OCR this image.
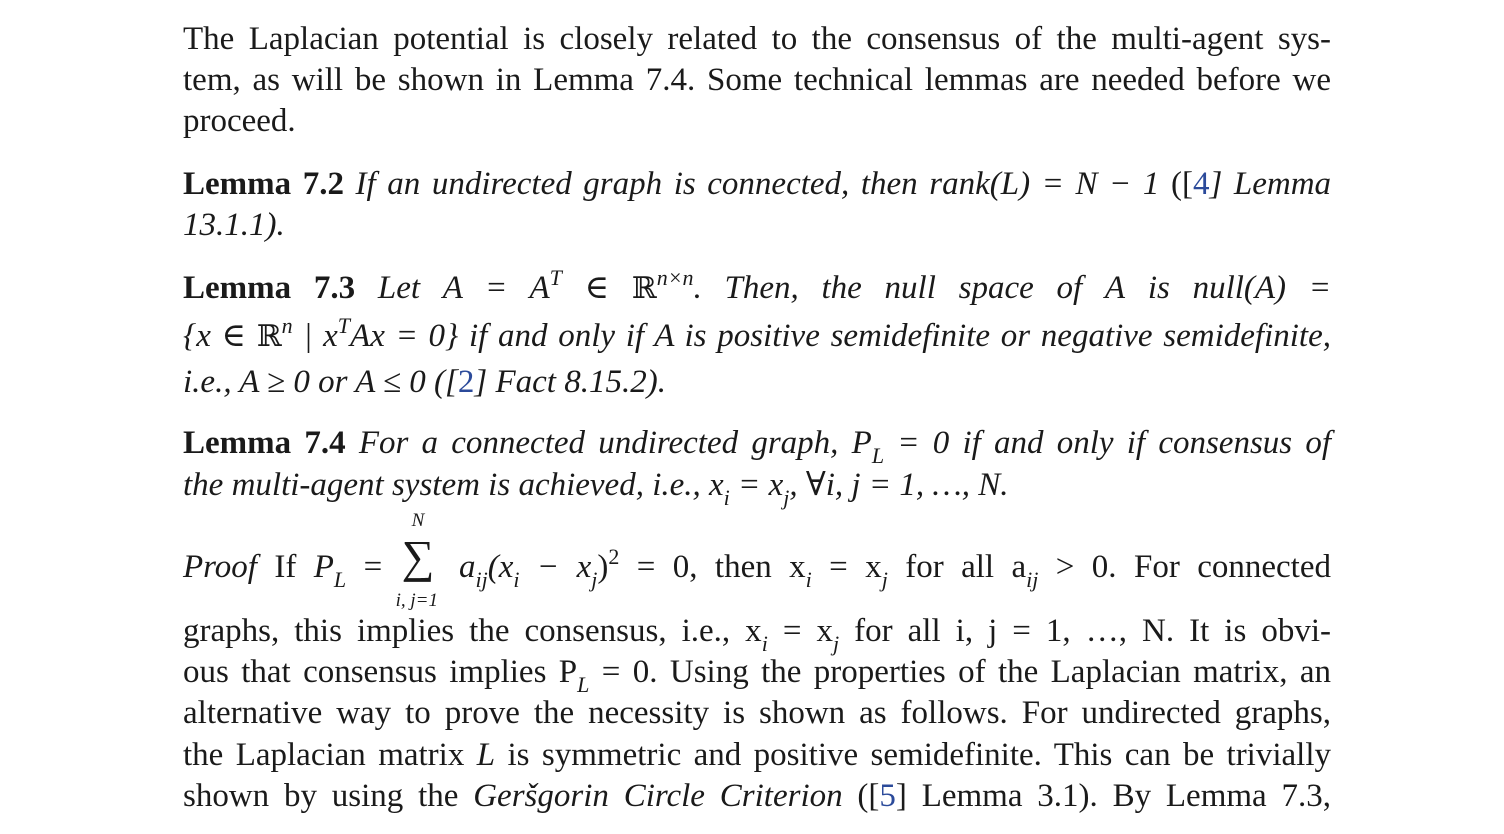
The Laplacian potential is closely related to the consensus of the multi-agent sys-
tem, as will be shown in Lemma 7.4. Some technical lemmas are needed before we
proceed.
Lemma 7.2 If an undirected graph is connected, then rank(L) = N − 1 ([4] Lemma
13.1.1).
Lemma 7.3 Let $A = A^T$ ∈ ℝ$^{n\times n}$. Then, the null space of A is null(A) =
{x ∈ ℝ$^n$ | $x^TAx = 0$} if and only if A is positive semidefinite or negative semidefinite,
i.e., A ≥ 0 or A ≤ 0 ([2] Fact 8.15.2).
Lemma 7.4 For a connected undirected graph, $P_L = 0$ if and only if consensus of
the multi-agent system is achieved, i.e., $x_i = x_j$, ∀i, j = 1, …, N.
Proof If $P_L$ = ∑
N
i, j=1
$a_{ij}(x_i - x_j)^2 = 0$, then $x_i = x_j$ for all $a_{ij} > 0$. For connected
graphs, this implies the consensus, i.e., $x_i = x_j$ for all i, j = 1, …, N. It is obvi-
ous that consensus implies $P_L = 0$. Using the properties of the Laplacian matrix, an
alternative way to prove the necessity is shown as follows. For undirected graphs,
the Laplacian matrix L is symmetric and positive semidefinite. This can be trivially
shown by using the Geršgorin Circle Criterion ([5] Lemma 3.1). By Lemma 7.3,
